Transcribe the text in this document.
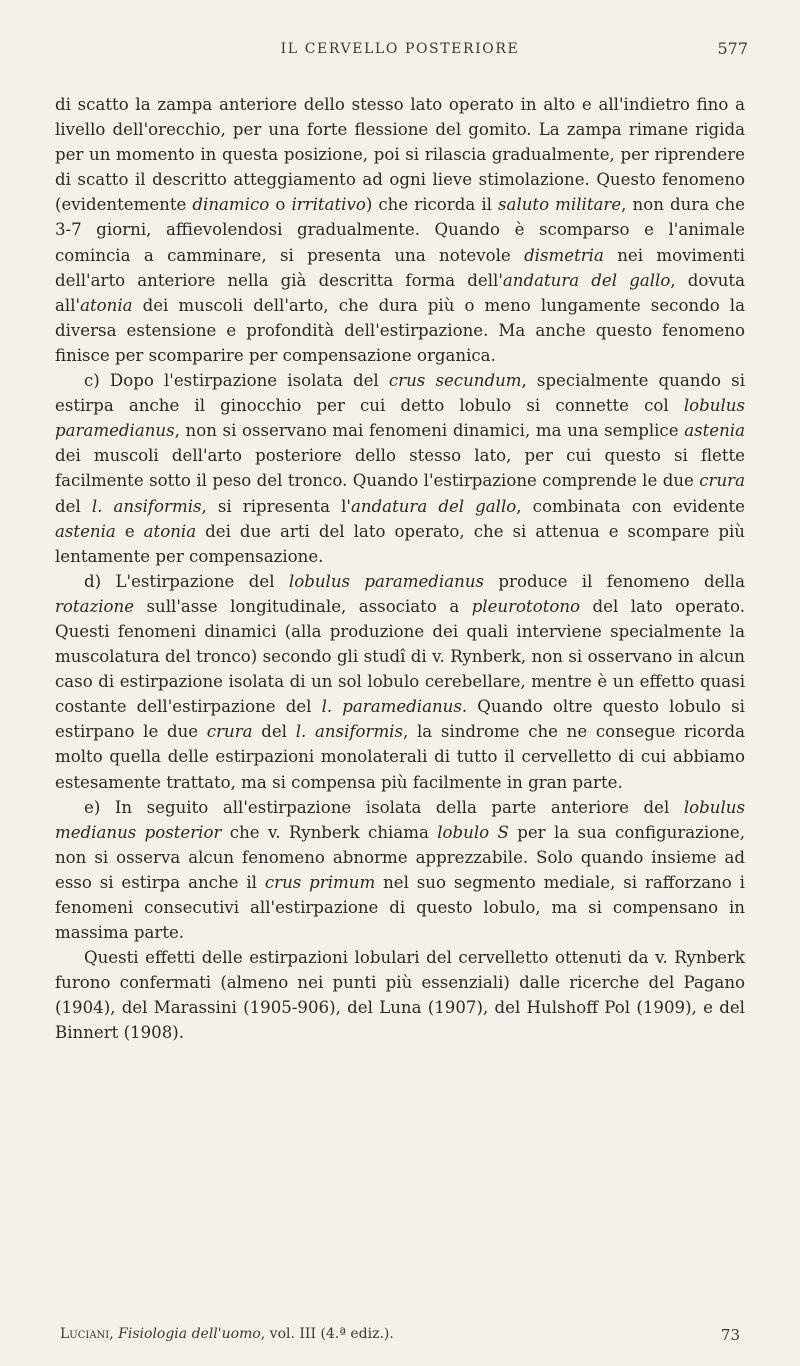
IL CERVELLO POSTERIORE	577

di scatto la zampa anteriore dello stesso lato operato in alto e all'indietro fino a livello dell'orecchio, per una forte flessione del gomito. La zampa rimane rigida per un momento in questa posizione, poi si rilascia gradualmente, per riprendere di scatto il descritto atteggiamento ad ogni lieve stimolazione. Questo fenomeno (evidentemente dinamico o irritativo) che ricorda il saluto militare, non dura che 3-7 giorni, affievolendosi gradualmente. Quando è scomparso e l'animale comincia a camminare, si presenta una notevole dismetria nei movimenti dell'arto anteriore nella già descritta forma dell'andatura del gallo, dovuta all'atonia dei muscoli dell'arto, che dura più o meno lungamente secondo la diversa estensione e profondità dell'estirpazione. Ma anche questo fenomeno finisce per scomparire per compensazione organica.

c) Dopo l'estirpazione isolata del crus secundum, specialmente quando si estirpa anche il ginocchio per cui detto lobulo si connette col lobulus paramedianus, non si osservano mai fenomeni dinamici, ma una semplice astenia dei muscoli dell'arto posteriore dello stesso lato, per cui questo si flette facilmente sotto il peso del tronco. Quando l'estirpazione comprende le due crura del l. ansiformis, si ripresenta l'andatura del gallo, combinata con evidente astenia e atonia dei due arti del lato operato, che si attenua e scompare più lentamente per compensazione.

d) L'estirpazione del lobulus paramedianus produce il fenomeno della rotazione sull'asse longitudinale, associato a pleurototono del lato operato. Questi fenomeni dinamici (alla produzione dei quali interviene specialmente la muscolatura del tronco) secondo gli studî di v. Rynberk, non si osservano in alcun caso di estirpazione isolata di un sol lobulo cerebellare, mentre è un effetto quasi costante dell'estirpazione del l. paramedianus. Quando oltre questo lobulo si estirpano le due crura del l. ansiformis, la sindrome che ne consegue ricorda molto quella delle estirpazioni monolaterali di tutto il cervelletto di cui abbiamo estesamente trattato, ma si compensa più facilmente in gran parte.

e) In seguito all'estirpazione isolata della parte anteriore del lobulus medianus posterior che v. Rynberk chiama lobulo S per la sua configurazione, non si osserva alcun fenomeno abnorme apprezzabile. Solo quando insieme ad esso si estirpa anche il crus primum nel suo segmento mediale, si rafforzano i fenomeni consecutivi all'estirpazione di questo lobulo, ma si compensano in massima parte.

Questi effetti delle estirpazioni lobulari del cervelletto ottenuti da v. Rynberk furono confermati (almeno nei punti più essenziali) dalle ricerche del Pagano (1904), del Marassini (1905-906), del Luna (1907), del Hulshoff Pol (1909), e del Binnert (1908).

Luciani, Fisiologia dell'uomo, vol. III (4.ª ediz.).	73
